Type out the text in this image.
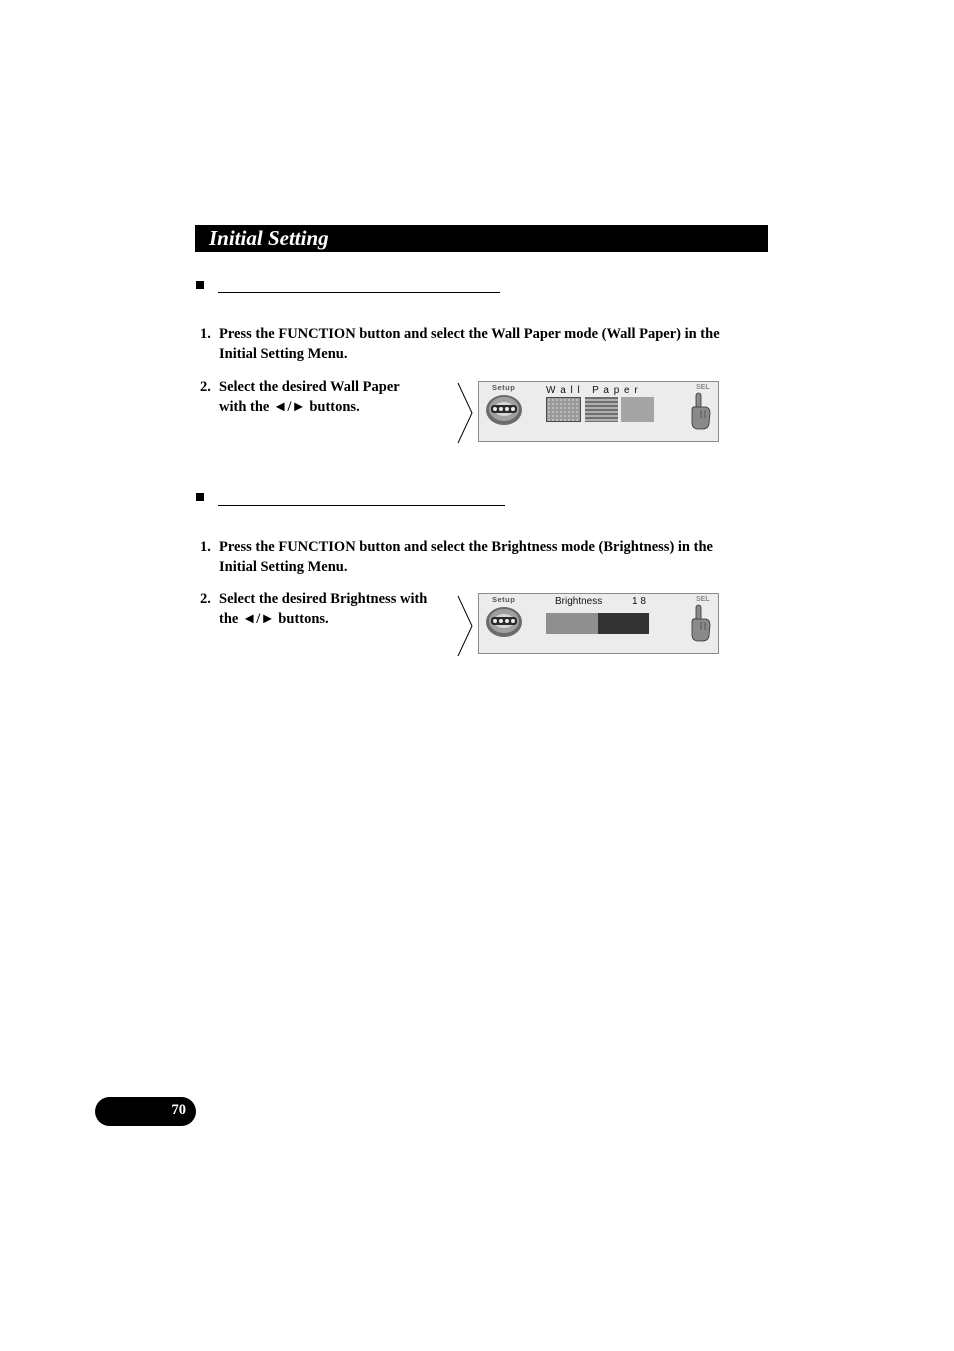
Initial Setting
1. Press the FUNCTION button and select the Wall Paper mode (Wall Paper) in the
Initial Setting Menu.
2. Select the desired Wall Paper
with the ◄/► buttons.
Setup	W a l l   P a p e r	SEL
1. Press the FUNCTION button and select the Brightness mode (Brightness) in the
Initial Setting Menu.
2. Select the desired Brightness with
the ◄/► buttons.
Setup	Brightness	1 8	SEL
70
